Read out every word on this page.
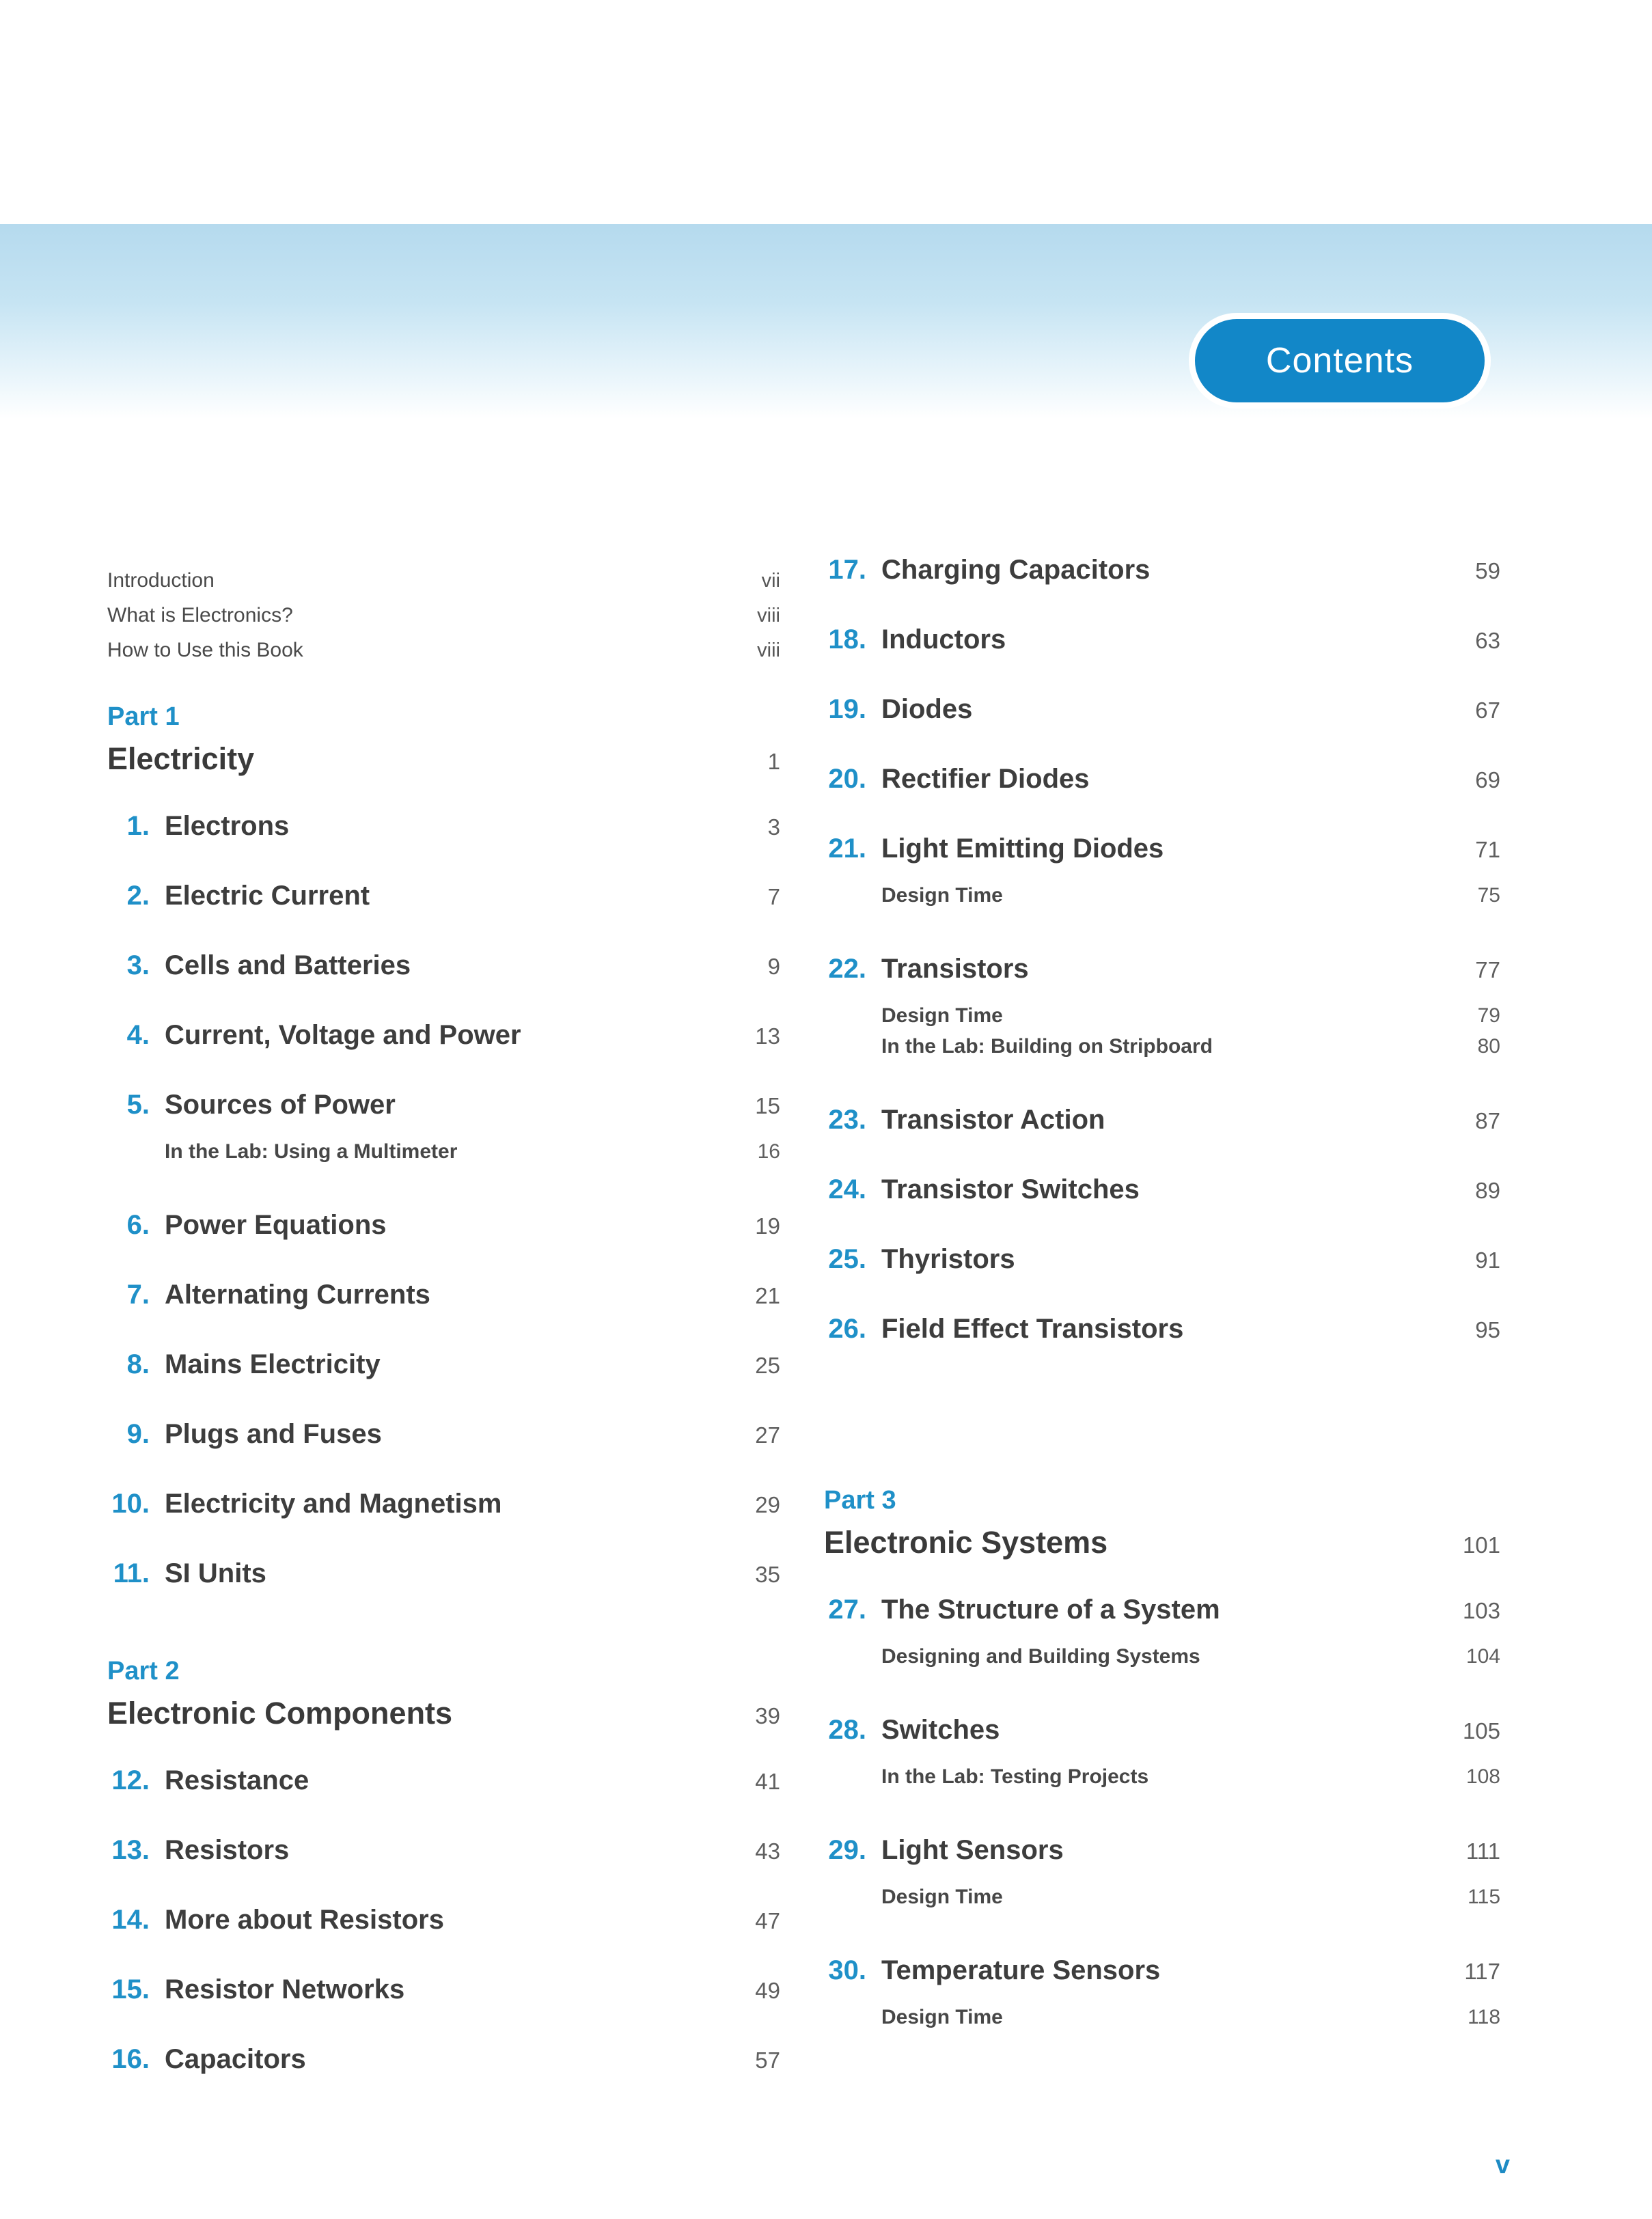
Contents
Introduction	vii
What is Electronics?	viii
How to Use this Book	viii
Part 1
Electricity	1
1. Electrons	3
2. Electric Current	7
3. Cells and Batteries	9
4. Current, Voltage and Power	13
5. Sources of Power	15
In the Lab: Using a Multimeter	16
6. Power Equations	19
7. Alternating Currents	21
8. Mains Electricity	25
9. Plugs and Fuses	27
10. Electricity and Magnetism	29
11. SI Units	35
Part 2
Electronic Components	39
12. Resistance	41
13. Resistors	43
14. More about Resistors	47
15. Resistor Networks	49
16. Capacitors	57
17. Charging Capacitors	59
18. Inductors	63
19. Diodes	67
20. Rectifier Diodes	69
21. Light Emitting Diodes	71
Design Time	75
22. Transistors	77
Design Time	79
In the Lab: Building on Stripboard	80
23. Transistor Action	87
24. Transistor Switches	89
25. Thyristors	91
26. Field Effect Transistors	95
Part 3
Electronic Systems	101
27. The Structure of a System	103
Designing and Building Systems	104
28. Switches	105
In the Lab: Testing Projects	108
29. Light Sensors	111
Design Time	115
30. Temperature Sensors	117
Design Time	118
v
